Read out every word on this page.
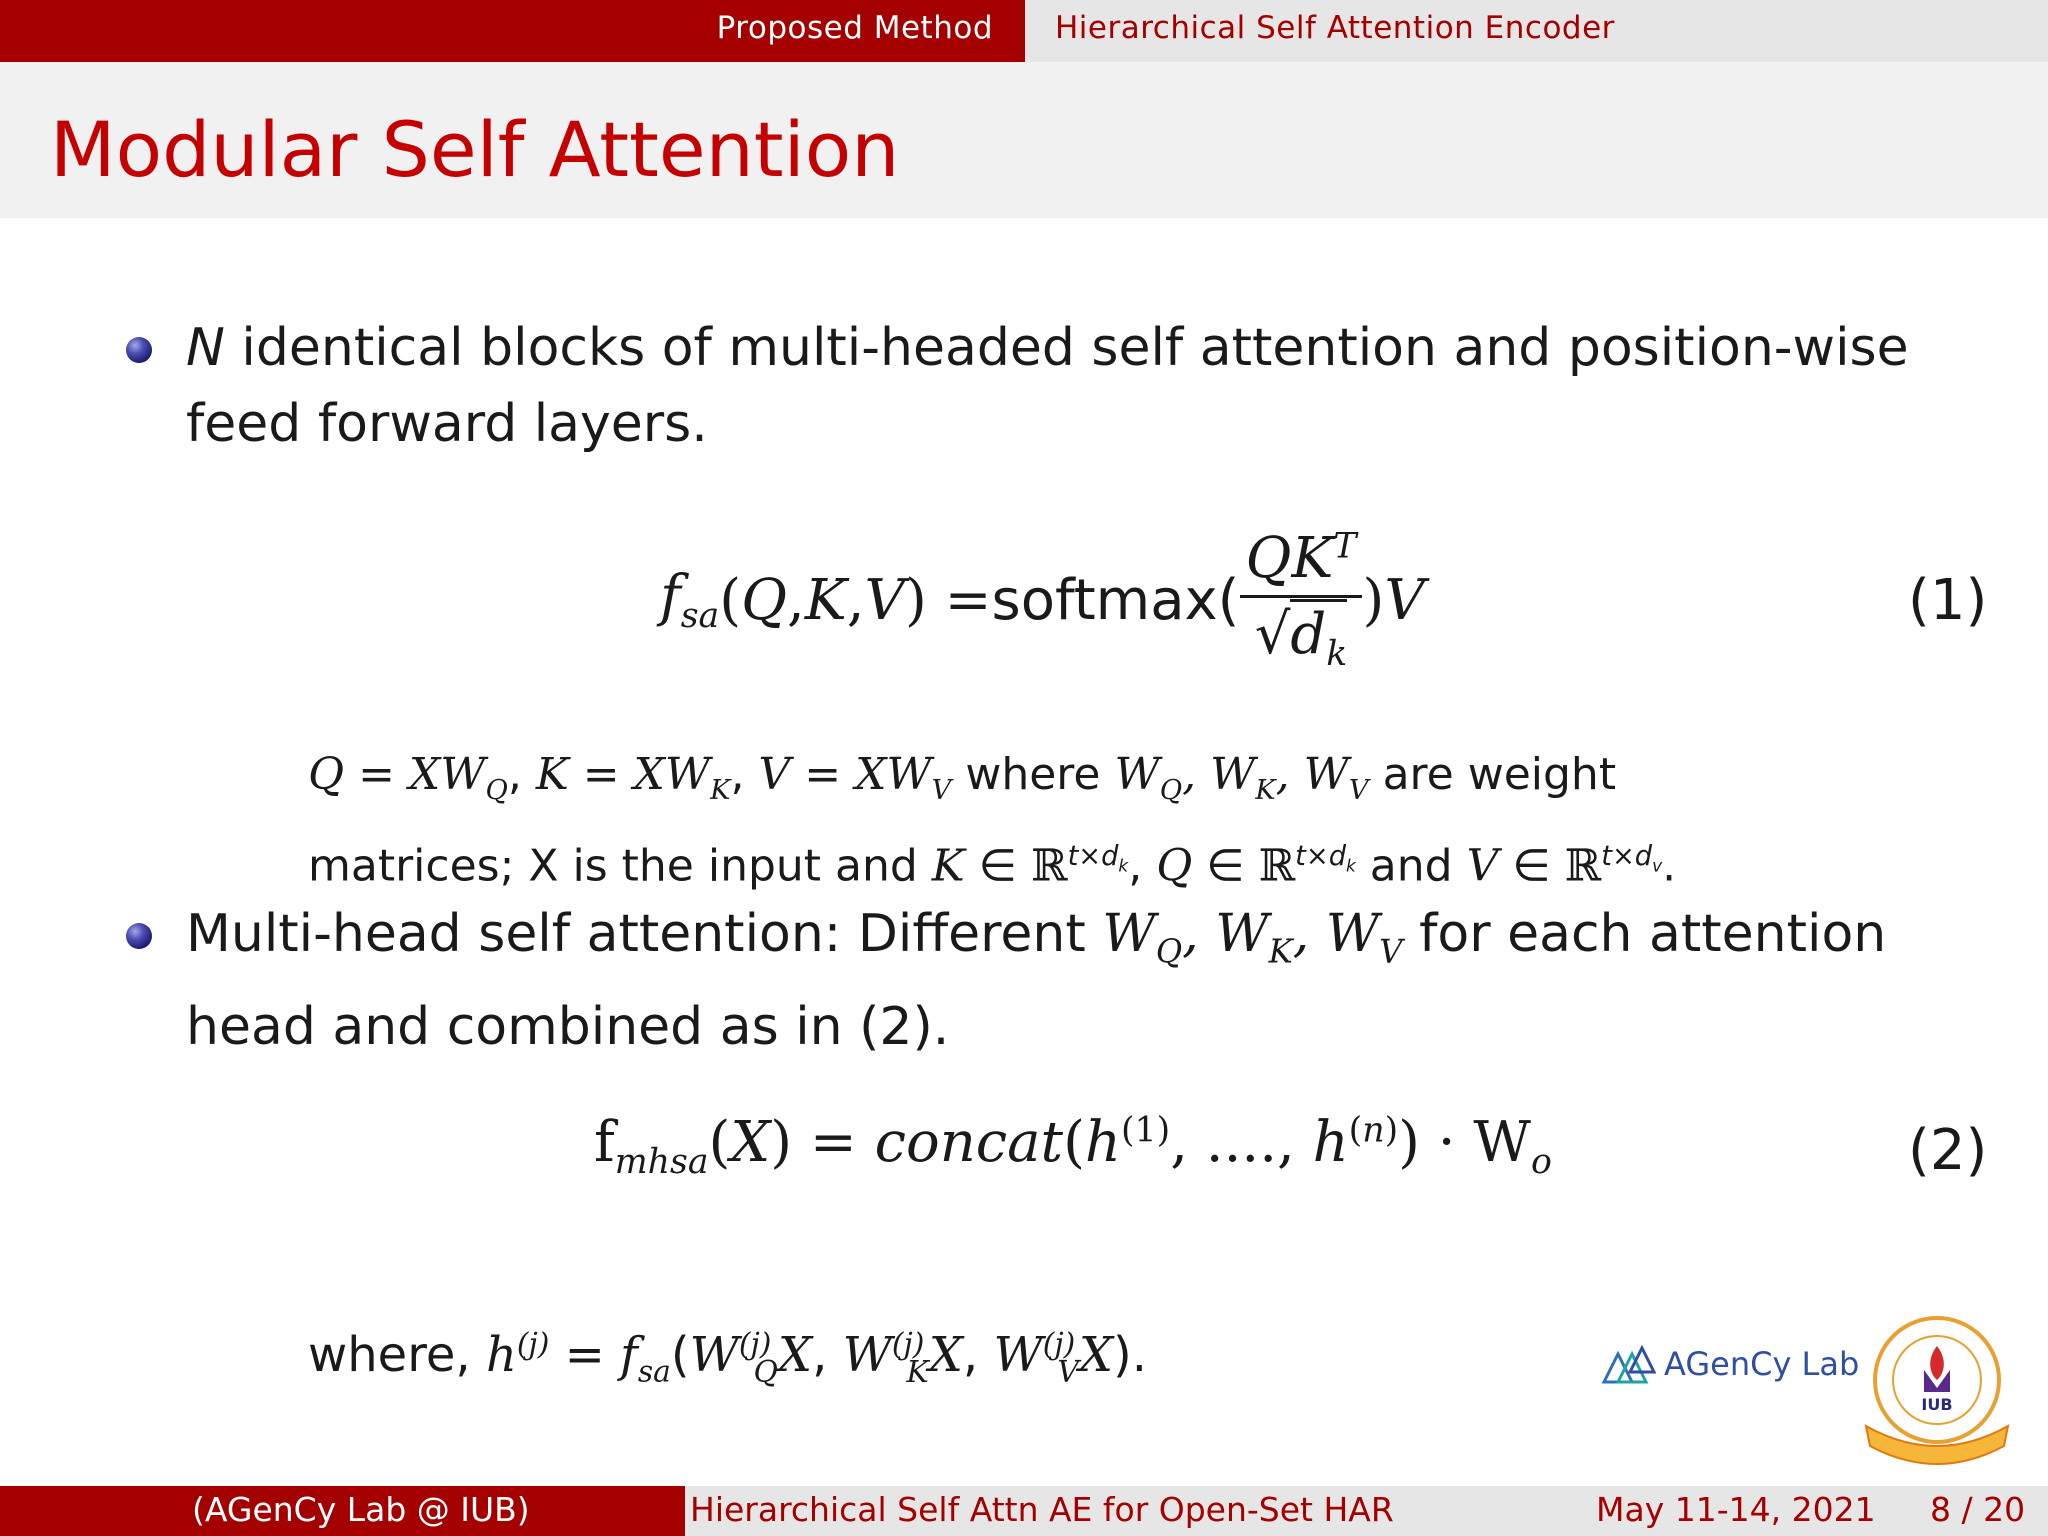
Proposed Method Hierarchical Self Attention Encoder
Modular Self Attention
N identical blocks of multi-headed self attention and position-wise
feed forward layers.
$f_{sa}$ ( Q , K , V ) = softmax( $\frac{QK^T}{√d_k}$ ) V	(1)
$Q = XW_Q$, $K = XW_K$, $V = XW_V$ where $W_Q$, $W_K$, $W_V$ are weight
matrices; X is the input and K ∈ ℝ$^{t\times d_k}$, Q ∈ ℝ$^{t\times d_k}$ and V ∈ ℝ$^{t\times d_v}$.
Multi-head self attention: Different $W_Q$, $W_K$, $W_V$ for each attention
head and combined as in (2).
$f_{mhsa}(X)$ = $concat(h^{(1)}$, ...., $h^{(n)}) \cdot W_o$	(2)
where, $h^{(j)} = f_{sa}(W^{(j)}_QX$, $W^{(j)}_KX$, $W^{(j)}_VX$).	AGenCy Lab
IUB
(AGenCy Lab @ IUB)	Hierarchical Self Attn AE for Open-Set HAR	May 11-14, 2021 8 / 20
